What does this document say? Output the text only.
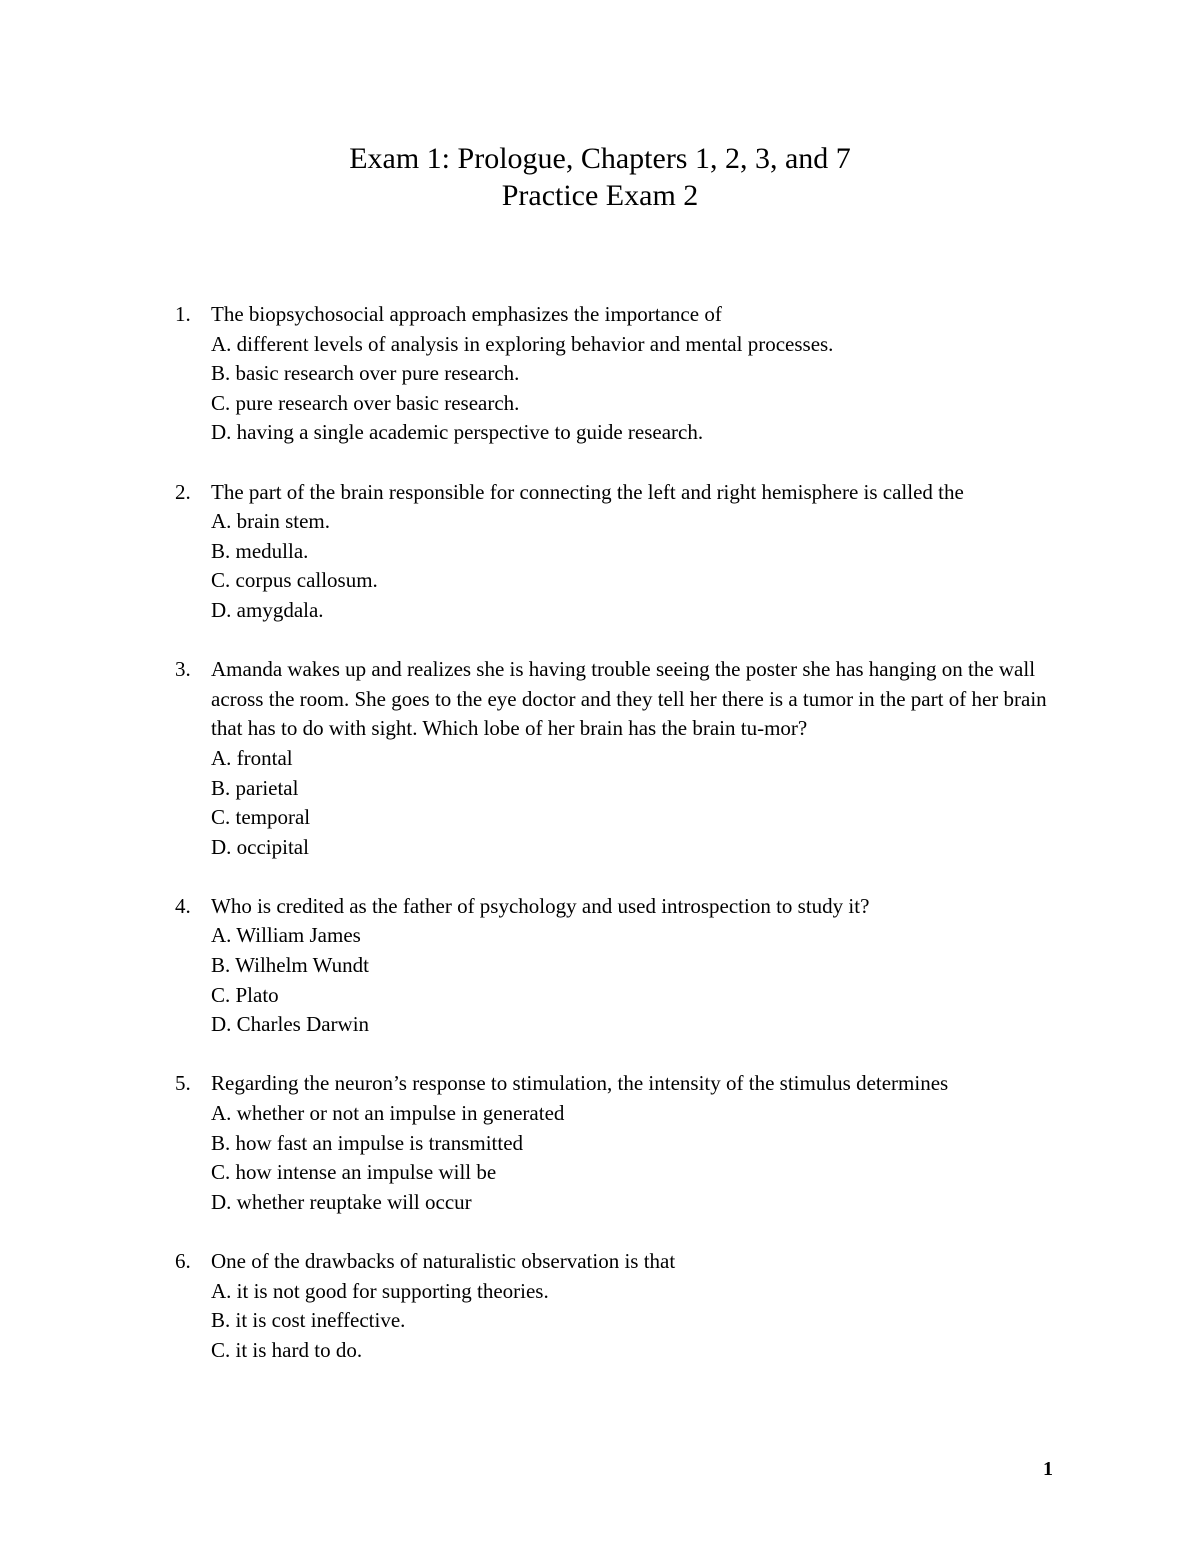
Exam 1: Prologue, Chapters 1, 2, 3, and 7
Practice Exam 2
1. The biopsychosocial approach emphasizes the importance of
A. different levels of analysis in exploring behavior and mental processes.
B. basic research over pure research.
C. pure research over basic research.
D. having a single academic perspective to guide research.
2. The part of the brain responsible for connecting the left and right hemisphere is called the
A. brain stem.
B. medulla.
C. corpus callosum.
D. amygdala.
3. Amanda wakes up and realizes she is having trouble seeing the poster she has hanging on the wall across the room. She goes to the eye doctor and they tell her there is a tumor in the part of her brain that has to do with sight. Which lobe of her brain has the brain tu-mor?
A. frontal
B. parietal
C. temporal
D. occipital
4. Who is credited as the father of psychology and used introspection to study it?
A. William James
B. Wilhelm Wundt
C. Plato
D. Charles Darwin
5. Regarding the neuron’s response to stimulation, the intensity of the stimulus determines
A. whether or not an impulse in generated
B. how fast an impulse is transmitted
C. how intense an impulse will be
D. whether reuptake will occur
6. One of the drawbacks of naturalistic observation is that
A. it is not good for supporting theories.
B. it is cost ineffective.
C. it is hard to do.
1
